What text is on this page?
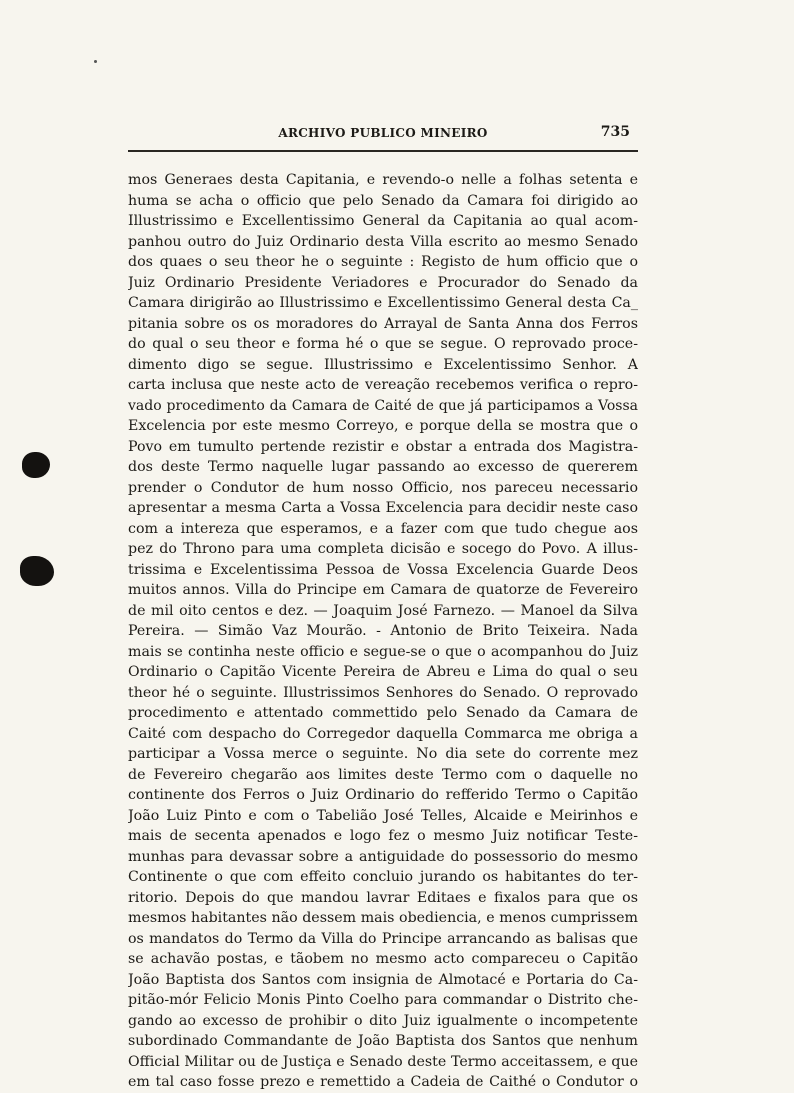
ARCHIVO PUBLICO MINEIRO	735
mos Generaes desta Capitania, e revendo-o nelle a folhas setenta e
huma se acha o officio que pelo Senado da Camara foi dirigido ao
Illustrissimo e Excellentissimo General da Capitania ao qual acom-
panhou outro do Juiz Ordinario desta Villa escrito ao mesmo Senado
dos quaes o seu theor he o seguinte : Registo de hum officio que o
Juiz Ordinario Presidente Veriadores e Procurador do Senado da
Camara dirigirão ao Illustrissimo e Excellentissimo General desta Ca_
pitania sobre os os moradores do Arrayal de Santa Anna dos Ferros
do qual o seu theor e forma hé o que se segue. O reprovado proce-
dimento digo se segue. Illustrissimo e Excelentissimo Senhor. A
carta inclusa que neste acto de vereação recebemos verifica o repro-
vado procedimento da Camara de Caité de que já participamos a Vossa
Excelencia por este mesmo Correyo, e porque della se mostra que o
Povo em tumulto pertende rezistir e obstar a entrada dos Magistra-
dos deste Termo naquelle lugar passando ao excesso de quererem
prender o Condutor de hum nosso Officio, nos pareceu necessario
apresentar a mesma Carta a Vossa Excelencia para decidir neste caso
com a intereza que esperamos, e a fazer com que tudo chegue aos
pez do Throno para uma completa dicisão e socego do Povo. A illus-
trissima e Excelentissima Pessoa de Vossa Excelencia Guarde Deos
muitos annos. Villa do Principe em Camara de quatorze de Fevereiro
de mil oito centos e dez. — Joaquim José Farnezo. — Manoel da Silva
Pereira. — Simão Vaz Mourão. - Antonio de Brito Teixeira. Nada
mais se continha neste officio e segue-se o que o acompanhou do Juiz
Ordinario o Capitão Vicente Pereira de Abreu e Lima do qual o seu
theor hé o seguinte. Illustrissimos Senhores do Senado. O reprovado
procedimento e attentado commettido pelo Senado da Camara de
Caité com despacho do Corregedor daquella Commarca me obriga a
participar a Vossa merce o seguinte. No dia sete do corrente mez
de Fevereiro chegarão aos limites deste Termo com o daquelle no
continente dos Ferros o Juiz Ordinario do refferido Termo o Capitão
João Luiz Pinto e com o Tabelião José Telles, Alcaide e Meirinhos e
mais de secenta apenados e logo fez o mesmo Juiz notificar Teste-
munhas para devassar sobre a antiguidade do possessorio do mesmo
Continente o que com effeito concluio jurando os habitantes do ter-
ritorio. Depois do que mandou lavrar Editaes e fixalos para que os
mesmos habitantes não dessem mais obediencia, e menos cumprissem
os mandatos do Termo da Villa do Principe arrancando as balisas que
se achavão postas, e tãobem no mesmo acto compareceu o Capitão
João Baptista dos Santos com insignia de Almotacé e Portaria do Ca-
pitão-mór Felicio Monis Pinto Coelho para commandar o Distrito che-
gando ao excesso de prohibir o dito Juiz igualmente o incompetente
subordinado Commandante de João Baptista dos Santos que nenhum
Official Militar ou de Justiça e Senado deste Termo acceitassem, e que
em tal caso fosse prezo e remettido a Cadeia de Caithé o Condutor o
